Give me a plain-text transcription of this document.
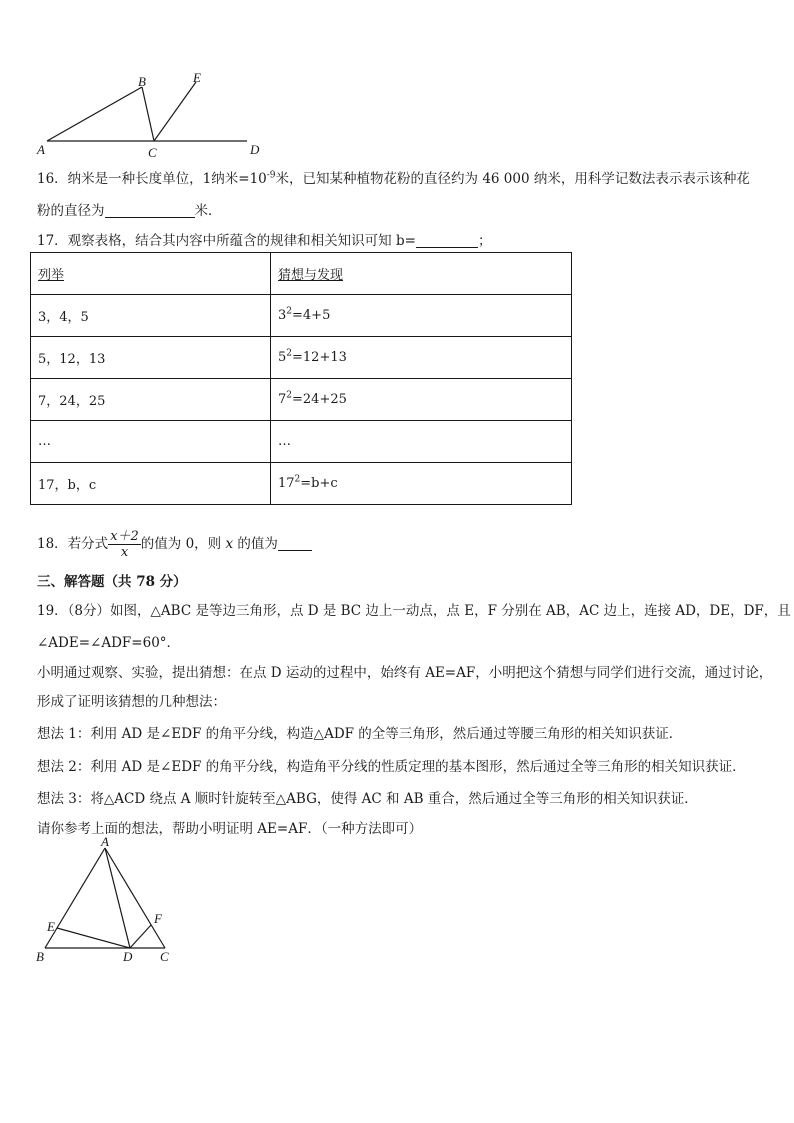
A
B
C	D
E
16．纳米是一种长度单位，1纳米$=10^{-9}$米，已知某种植物花粉的直径约为 46 000 纳米，用科学记数法表示表示该种花
粉的直径为	米．
17．观察表格，结合其内容中所蕴含的规律和相关知识可知 b=	；
列举	猜想与发现
3，4，5	$3^2=4+5$
5，12，13	$5^2=12+13$
7，24，25	$7^2=24+25$
…	…
17，b，c	$17^2=b+c$
18．若分式 $\frac{x+2}{x}$ 的值为 0，则 x 的值为
三、解答题（共 78 分）
19．（8分）如图，△ABC 是等边三角形，点 D 是 BC 边上一动点，点 E，F 分别在 AB，AC 边上，连接 AD，DE，DF，且
∠ADE=∠ADF=60°．
小明通过观察、实验，提出猜想：在点 D 运动的过程中，始终有 AE=AF，小明把这个猜想与同学们进行交流，通过讨论，
形成了证明该猜想的几种想法：
想法 1：利用 AD 是∠EDF 的角平分线，构造△ADF 的全等三角形，然后通过等腰三角形的相关知识获证．
想法 2：利用 AD 是∠EDF 的角平分线，构造角平分线的性质定理的基本图形，然后通过全等三角形的相关知识获证．
想法 3：将△ACD 绕点 A 顺时针旋转至△ABG，使得 AC 和 AB 重合，然后通过全等三角形的相关知识获证．
请你参考上面的想法，帮助小明证明 AE=AF．（一种方法即可）
A
B	C
D
E
F
